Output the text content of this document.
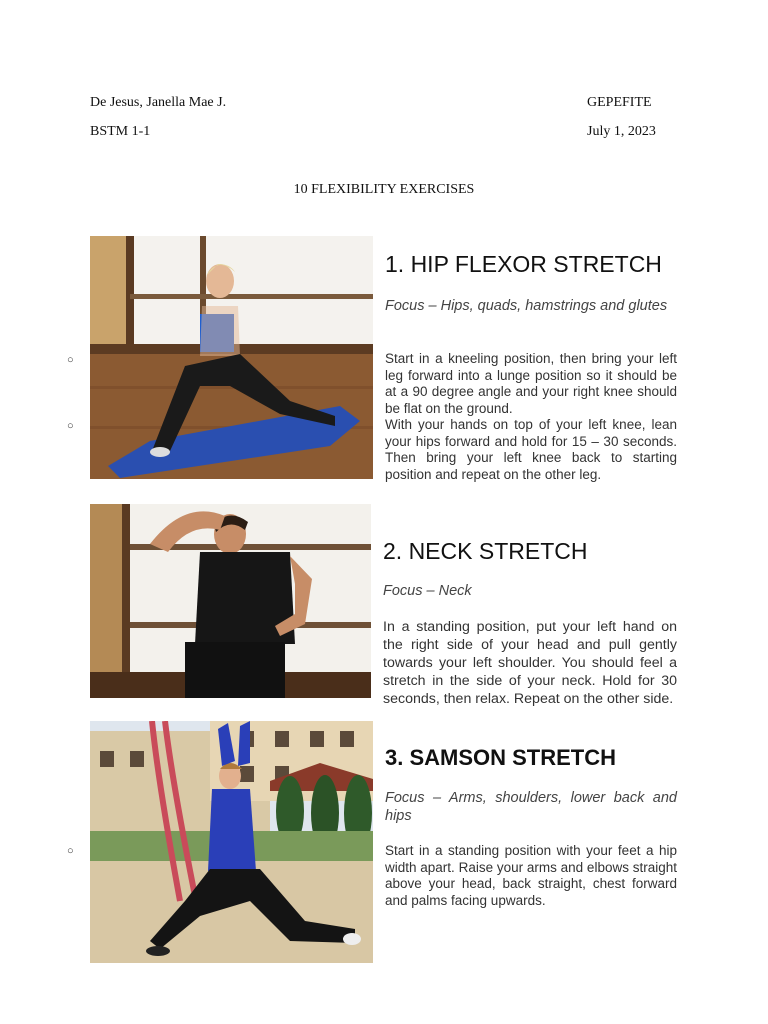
De Jesus, Janella Mae J.
BSTM 1-1
GEPEFITE
July 1, 2023
10 FLEXIBILITY EXERCISES
○
○
○
1. HIP FLEXOR STRETCH
Focus – Hips, quads, hamstrings and glutes

Start in a kneeling position, then bring your left leg forward into a lunge position so it should be at a 90 degree angle and your right knee should be flat on the ground.

With your hands on top of your left knee, lean your hips forward and hold for 15 – 30 seconds. Then bring your left knee back to starting position and repeat on the other leg.

2. NECK STRETCH
Focus – Neck

In a standing position, put your left hand on the right side of your head and pull gently towards your left shoulder. You should feel a stretch in the side of your neck. Hold for 30 seconds, then relax. Repeat on the other side.

3. SAMSON STRETCH
Focus – Arms, shoulders, lower back and hips

Start in a standing position with your feet a hip width apart. Raise your arms and elbows straight above your head, back straight, chest forward and palms facing upwards.
